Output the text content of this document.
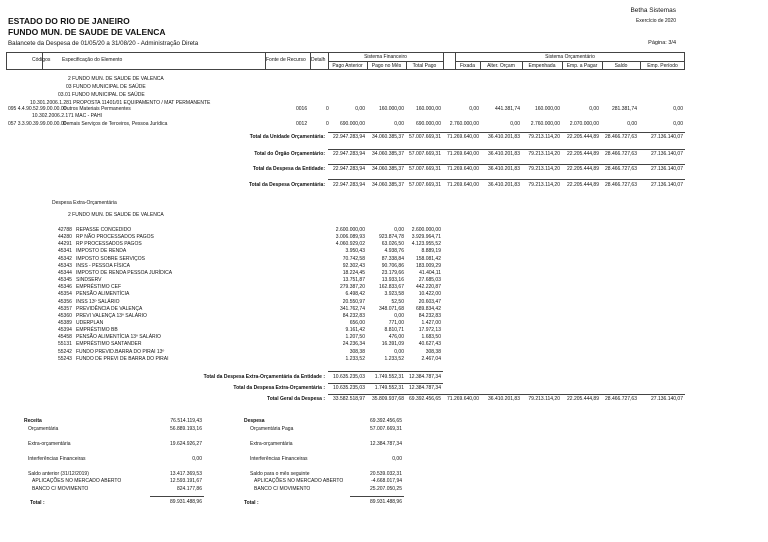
ESTADO DO RIO DE JANEIRO
FUNDO MUN. DE SAUDE DE VALENCA
Balancete da Despesa de 01/05/20 a 31/08/20 - Administração Direta
Betha Sistemas
Exercício de 2020
Página: 3/4
Códigos Especificação do Elemento	Fonte de Recurso	Detalh	Sistema Financeiro
Pago Anterior	Pago no Mês	Total Pago
Sistema Orçamentário
Fixada	Alter. Orçam	Empenhada	Emp. a Pagar	Saldo	Emp. Período
2 FUNDO MUN. DE SAUDE DE VALENCA
03 FUNDO MUNICIPAL DE SAÚDE
03.01 FUNDO MUNICIPAL DE SAÚDE
10.301.2006.1.281 PROPOSTA 11401/01 EQUIPAMENTO / MAT PERMANENTE
095 4.4.90.52.99.00.00.00
Outros Materiais Permanentes	0016	0	0,00	160.000,00	160.000,00	0,00	441.381,74	160.000,00	0,00	281.381,74	0,00
10.302.2006.2.171 MAC - PAHI
057 3.3.90.39.99.00.00.00
Demais Serviços de Terceiros, Pessoa Jurídica	0012	0	690.000,00	0,00	690.000,00	2.760.000,00	0,00	2.760.000,00	2.070.000,00	0,00	0,00
Total da Unidade Orçamentária:	22.947.283,94	34.060.385,37	57.007.669,31	71.269.640,00	36.410.201,83	79.213.114,20	22.205.444,89	28.466.727,63	27.136.140,07
Total do Órgão Orçamentário:	22.947.283,94	34.060.385,37	57.007.669,31	71.269.640,00	36.410.201,83	79.213.114,20	22.205.444,89	28.466.727,63	27.136.140,07
Total da Despesa da Entidade:	22.947.283,94	34.060.385,37	57.007.669,31	71.269.640,00	36.410.201,83	79.213.114,20	22.205.444,89	28.466.727,63	27.136.140,07
Total da Despesa Orçamentária:	22.947.283,94	34.060.385,37	57.007.669,31	71.269.640,00	36.410.201,83	79.213.114,20	22.205.444,89	28.466.727,63	27.136.140,07
Despesa Extra-Orçamentária
2 FUNDO MUN. DE SAUDE DE VALENCA
42788 REPASSE CONCEDIDO	2.600.000,00	0,00	2.600.000,00
44280 RP NÃO PROCESSADOS PAGOS	3.006.089,93	923.874,78	3.929.964,71
44291 RP PROCESSADOS PAGOS	4.060.929,02	63.026,50	4.123.955,52
45341 IMPOSTO DE RENDA	3.950,43	4.938,76	8.889,19
45342 IMPOSTO SOBRE SERVIÇOS	70.742,58	87.338,84	158.081,42
45343 INSS - PESSOA FÍSICA	92.302,43	90.706,86	183.009,29
45344 IMPOSTO DE RENDA PESSOA JURÍDICA	18.224,45	23.179,66	41.404,11
45345 SINDSERV	13.751,87	13.933,16	27.685,03
45346 EMPRÉSTIMO CEF	279.387,20	162.833,67	442.220,87
45354 PENSÃO ALIMENTÍCIA	6.498,42	3.923,58	10.422,00
45356 INSS 13º SALÁRIO	20.550,97	52,50	20.603,47
45357 PREVIDÊNCIA DE VALENÇA	341.762,74	348.071,68	689.834,42
45360 PREVI VALENÇA 13º SALÁRIO	84.232,83	0,00	84.232,83
45389 UDERPLAN	656,00	771,00	1.427,00
45394 EMPRÉSTIMO BB	9.161,42	8.810,71	17.972,13
45458 PENSÃO ALIMENTÍCIA 13º SALÁRIO	1.207,50	476,00	1.683,50
55131 EMPRÉSTIMO SANTANDER	24.236,34	16.391,09	40.627,43
55242 FUNDO PREVID.BARRA DO PIRAI 13º	308,38	0,00	308,38
55243 FUNDO DE PREVI DE BARRA DO PIRAI	1.233,52	1.233,52	2.467,04
Total da Despesa Extra-Orçamentária da Entidade :	10.635.235,03	1.749.552,31	12.384.787,34
Total da Despesa Extra-Orçamentária :	10.635.235,03	1.749.552,31	12.384.787,34
Total Geral da Despesa :	33.582.518,97	35.809.937,68	69.392.456,65	71.269.640,00	36.410.201,83	79.213.114,20	22.205.444,89	28.466.727,63	27.136.140,07
Receita	76.514.119,43
Orçamentária	56.889.193,16
Extra-orçamentária	19.624.926,27
Interferências Financeiras	0,00
Saldo anterior (31/12/2019)	13.417.369,53
APLICAÇÕES NO MERCADO ABERTO	12.593.191,67
BANCO C/ MOVIMENTO	824.177,86
Total :	89.931.488,96
Despesa	69.392.456,65
Orçamentária Paga	57.007.669,31
Extra-orçamentária	12.384.787,34
Interferências Financeiras	0,00
Saldo para o mês seguinte	20.539.032,31
APLICAÇÕES NO MERCADO ABERTO	-4.668.017,94
BANCO C/ MOVIMENTO	25.207.050,25
Total :	89.931.488,96
